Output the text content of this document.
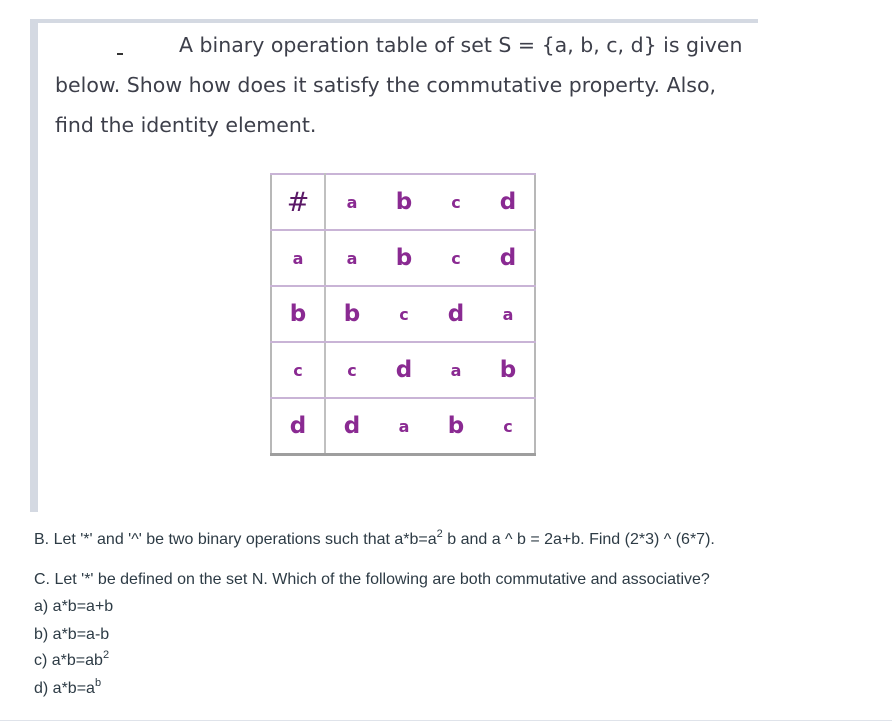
A binary operation table of set S = {a, b, c, d} is given
below. Show how does it satisfy the commutative property. Also,
find the identity element.
#	a	b	c	d
a	a	b	c	d
b	b	c	d	a
c	c	d	a	b
d	d	a	b	c
B. Let '*' and '^' be two binary operations such that $a*b=a^2$ b and a ^ b = 2a+b. Find (2*3) ^ (6*7).
C. Let '*' be defined on the set N. Which of the following are both commutative and associative?
a) a*b=a+b
b) a*b=a-b
c) $a*b=ab^2$
d) $a*b=a^b$
